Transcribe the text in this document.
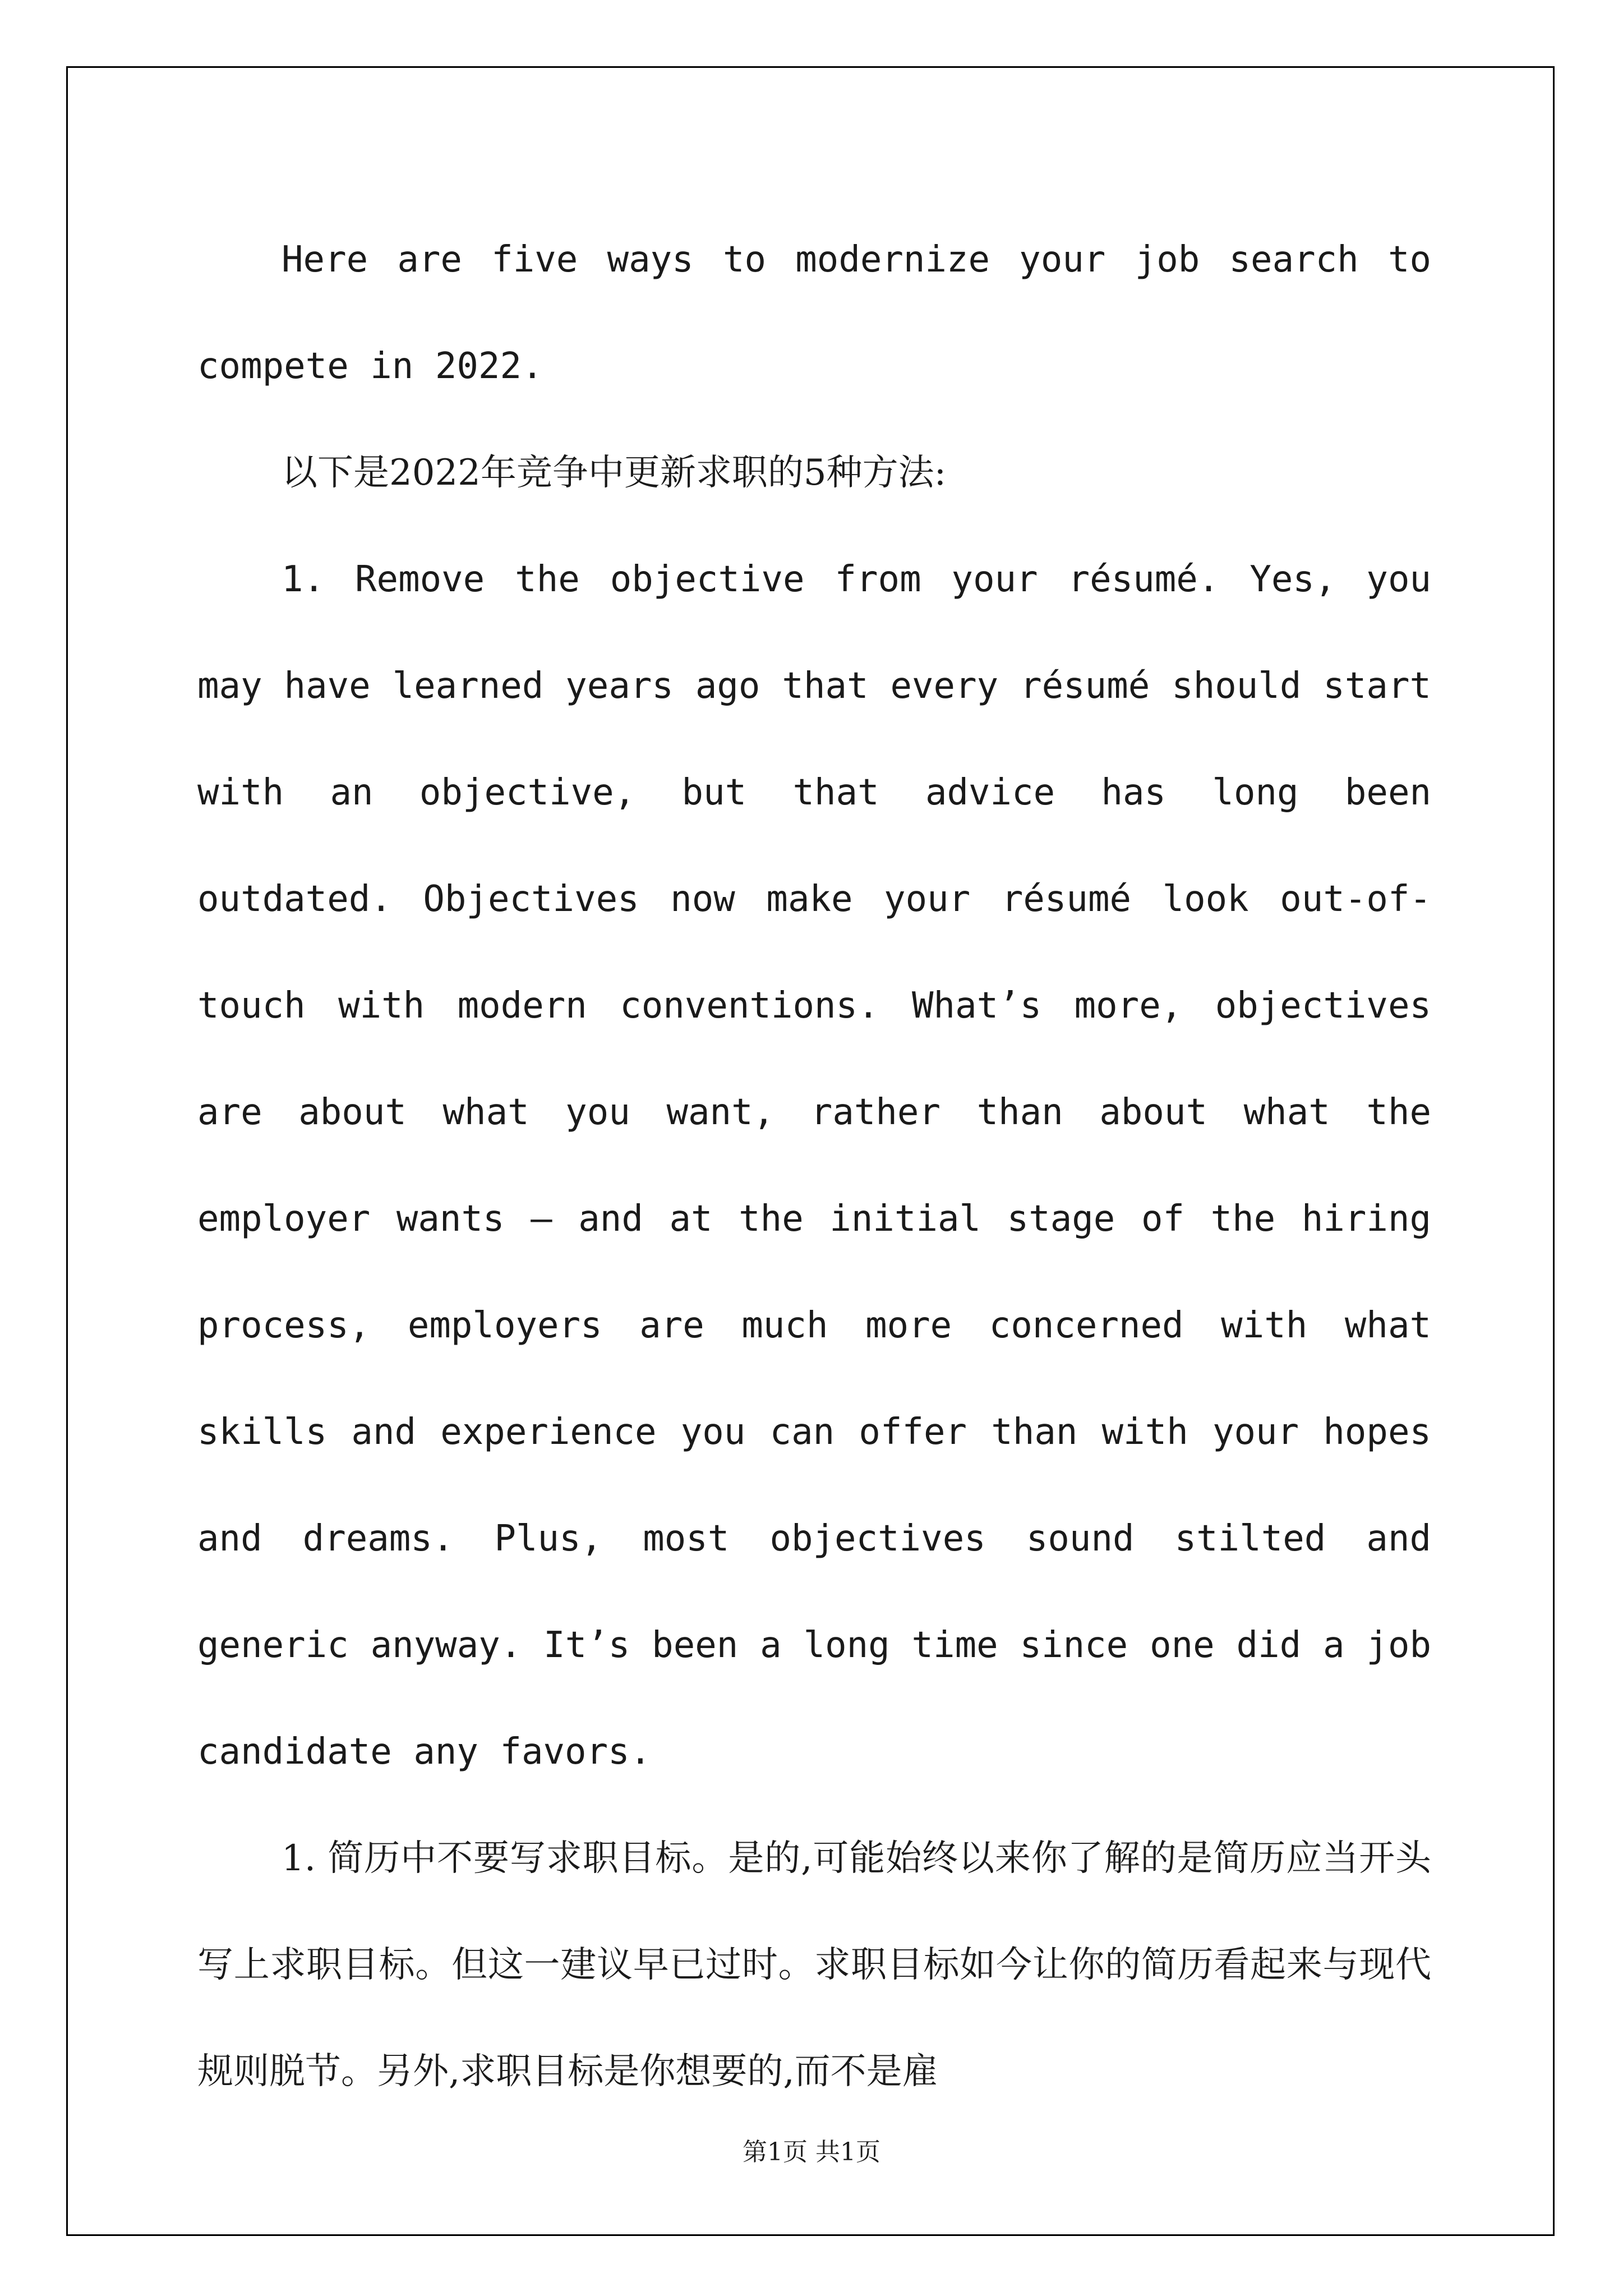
Here are five ways to modernize your job search to compete in 2022.

以下是2022年竞争中更新求职的5种方法:

1. Remove the objective from your résumé. Yes, you may have learned years ago that every résumé should start with an objective, but that advice has long been outdated. Objectives now make your résumé look out-of-touch with modern conventions. What’s more, objectives are about what you want, rather than about what the employer wants – and at the initial stage of the hiring process, employers are much more concerned with what skills and experience you can offer than with your hopes and dreams. Plus, most objectives sound stilted and generic anyway. It’s been a long time since one did a job candidate any favors.

1. 简历中不要写求职目标。是的,可能始终以来你了解的是简历应当开头写上求职目标。但这一建议早已过时。求职目标如今让你的简历看起来与现代规则脱节。另外,求职目标是你想要的,而不是雇

第1页 共1页
